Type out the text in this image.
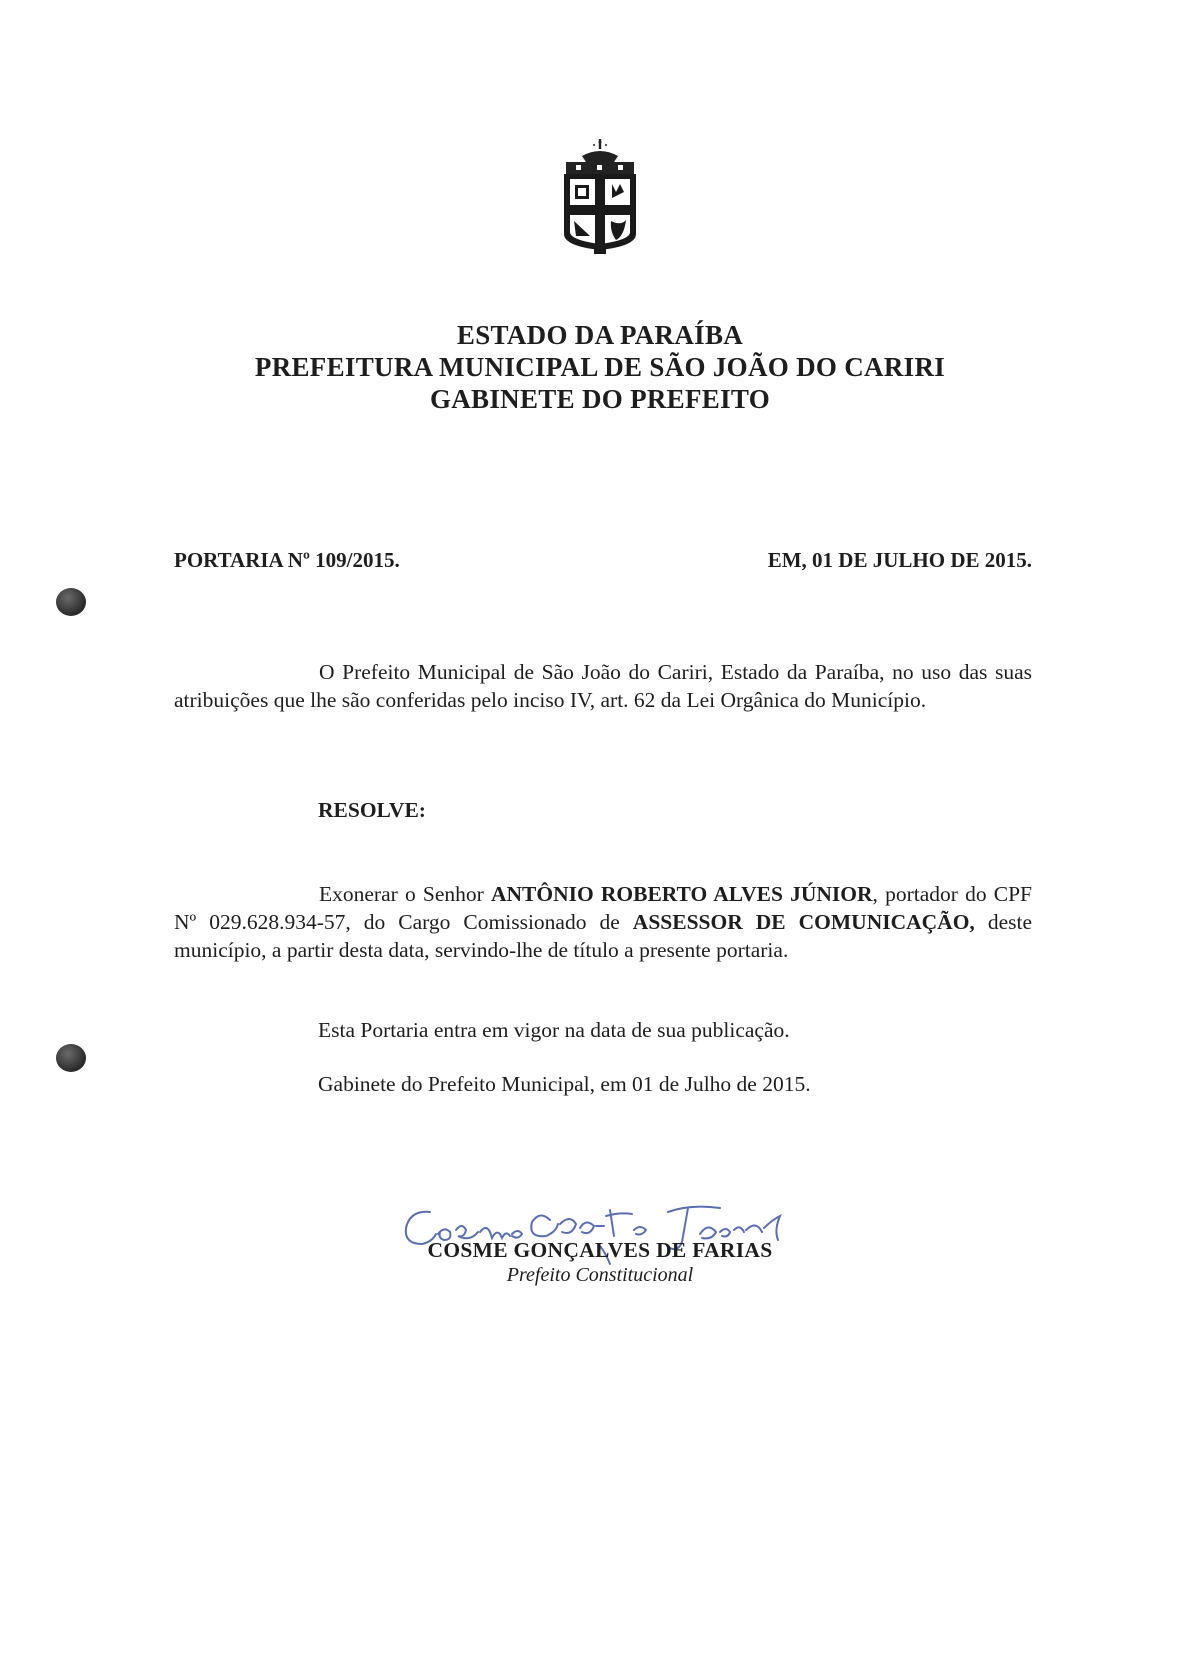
ESTADO DA PARAÍBA
PREFEITURA MUNICIPAL DE SÃO JOÃO DO CARIRI
GABINETE DO PREFEITO
PORTARIA Nº 109/2015.	EM, 01 DE JULHO DE 2015.
O Prefeito Municipal de São João do Cariri, Estado da Paraíba, no uso das suas atribuições que lhe são conferidas pelo inciso IV, art. 62 da Lei Orgânica do Município.
RESOLVE:
Exonerar o Senhor ANTÔNIO ROBERTO ALVES JÚNIOR, portador do CPF Nº 029.628.934-57, do Cargo Comissionado de ASSESSOR DE COMUNICAÇÃO, deste município, a partir desta data, servindo-lhe de título a presente portaria.
Esta Portaria entra em vigor na data de sua publicação.
Gabinete do Prefeito Municipal, em 01 de Julho de 2015.
COSME GONÇALVES DE FARIAS
Prefeito Constitucional
